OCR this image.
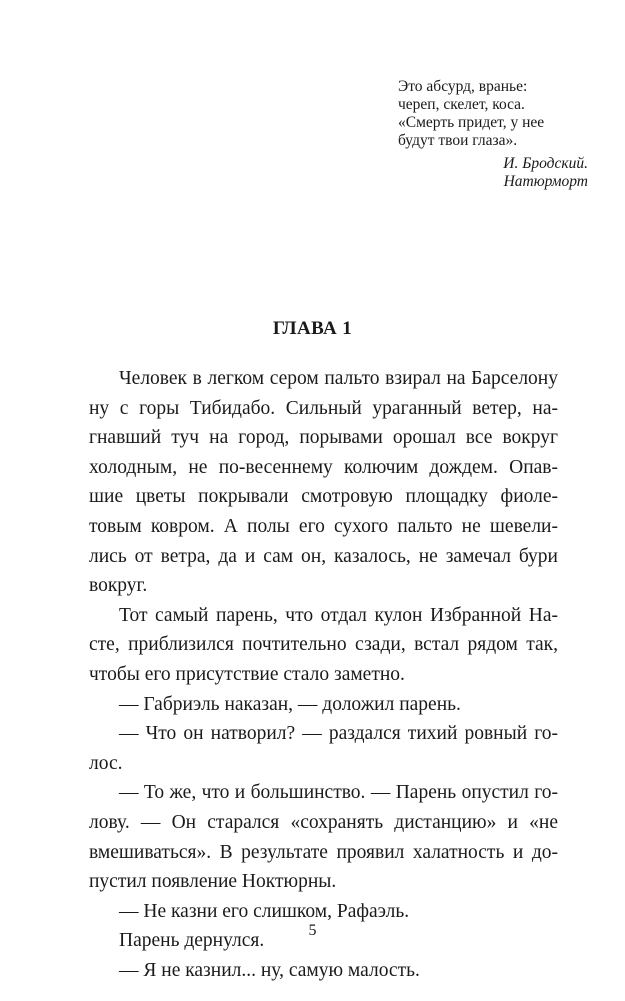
Это абсурд, вранье:
череп, скелет, коса.
«Смерть придет, у нее
будут твои глаза».
И. Бродский.
Натюрморт
ГЛАВА 1
Человек в легком сером пальто взирал на Барселону
ну с горы Тибидабо. Сильный ураганный ветер, на-
гнавший туч на город, порывами орошал все вокруг
холодным, не по-весеннему колючим дождем. Опав-
шие цветы покрывали смотровую площадку фиоле-
товым ковром. А полы его сухого пальто не шевели-
лись от ветра, да и сам он, казалось, не замечал бури
вокруг.
Тот самый парень, что отдал кулон Избранной На-
сте, приблизился почтительно сзади, встал рядом так,
чтобы его присутствие стало заметно.
— Габриэль наказан, — доложил парень.
— Что он натворил? — раздался тихий ровный го-
лос.
— То же, что и большинство. — Парень опустил го-
лову. — Он старался «сохранять дистанцию» и «не
вмешиваться». В результате проявил халатность и до-
пустил появление Ноктюрны.
— Не казни его слишком, Рафаэль.
Парень дернулся.
— Я не казнил... ну, самую малость.
5
